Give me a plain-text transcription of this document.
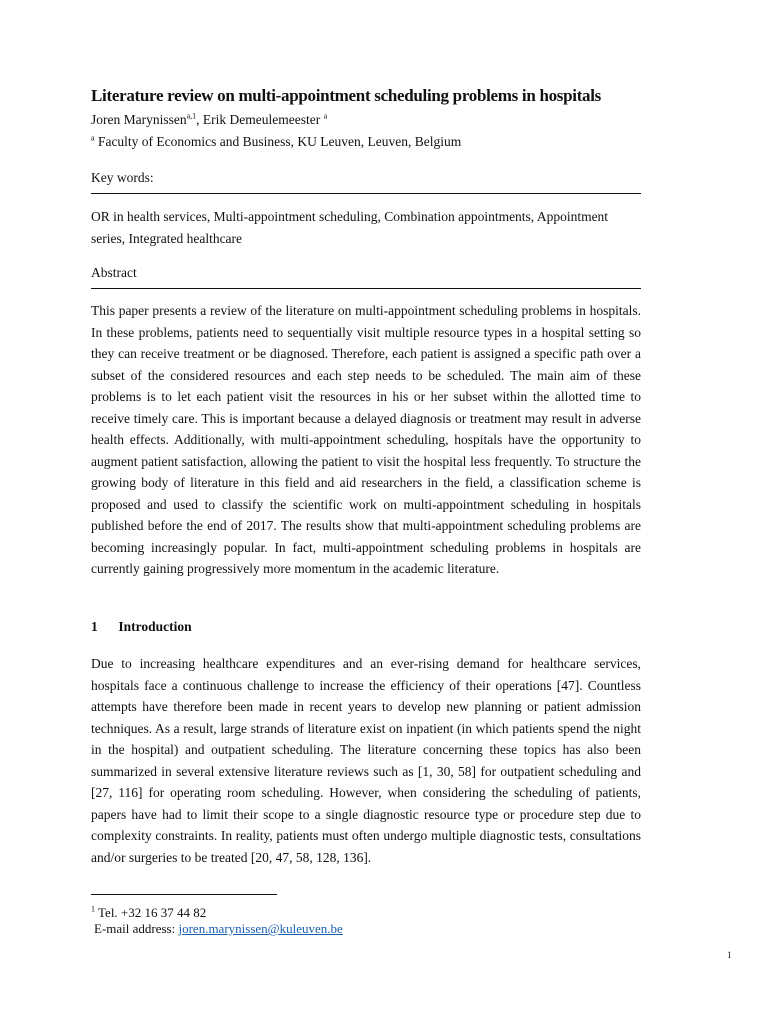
Literature review on multi-appointment scheduling problems in hospitals
Joren Marynissen$^{a,1}$, Erik Demeulemeester $^a$
$^a$ Faculty of Economics and Business, KU Leuven, Leuven, Belgium
Key words:

OR in health services, Multi-appointment scheduling, Combination appointments, Appointment series, Integrated healthcare

Abstract

This paper presents a review of the literature on multi-appointment scheduling problems in hospitals. In these problems, patients need to sequentially visit multiple resource types in a hospital setting so they can receive treatment or be diagnosed. Therefore, each patient is assigned a specific path over a subset of the considered resources and each step needs to be scheduled. The main aim of these problems is to let each patient visit the resources in his or her subset within the allotted time to receive timely care. This is important because a delayed diagnosis or treatment may result in adverse health effects. Additionally, with multi-appointment scheduling, hospitals have the opportunity to augment patient satisfaction, allowing the patient to visit the hospital less frequently. To structure the growing body of literature in this field and aid researchers in the field, a classification scheme is proposed and used to classify the scientific work on multi-appointment scheduling in hospitals published before the end of 2017. The results show that multi-appointment scheduling problems are becoming increasingly popular. In fact, multi-appointment scheduling problems in hospitals are currently gaining progressively more momentum in the academic literature.

1 Introduction

Due to increasing healthcare expenditures and an ever-rising demand for healthcare services, hospitals face a continuous challenge to increase the efficiency of their operations [47]. Countless attempts have therefore been made in recent years to develop new planning or patient admission techniques. As a result, large strands of literature exist on inpatient (in which patients spend the night in the hospital) and outpatient scheduling. The literature concerning these topics has also been summarized in several extensive literature reviews such as [1, 30, 58] for outpatient scheduling and [27, 116] for operating room scheduling. However, when considering the scheduling of patients, papers have had to limit their scope to a single diagnostic resource type or procedure step due to complexity constraints. In reality, patients must often undergo multiple diagnostic tests, consultations and/or surgeries to be treated [20, 47, 58, 128, 136].

$^1$ Tel. +32 16 37 44 82
E-mail address: joren.marynissen@kuleuven.be
1
